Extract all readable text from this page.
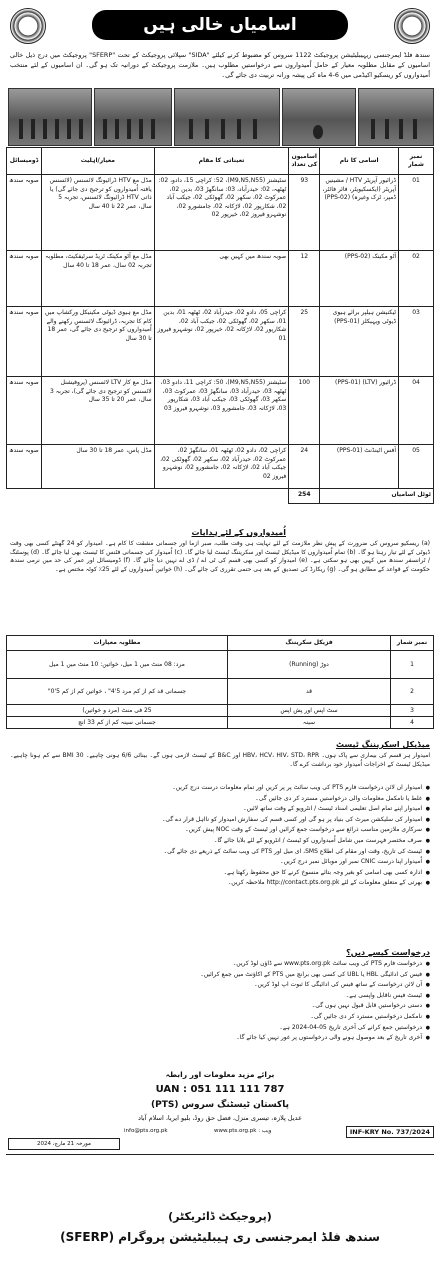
اسامیاں خالی ہیں
سندھ فلڈ ایمرجنسی ریہیبلیٹیشن پروجیکٹ 1122 سروس کو مضبوط کرنے کیلئے "SIDA" سپلائی پروجیکٹ کے تحت "SFERP" پروجیکٹ میں درج ذیل خالی اسامیوں کے مقابل مطلوبہ معیار کے حامل اُمیدواروں سے درخواستیں مطلوب ہیں۔ ملازمت پروجیکٹ کے دورانیہ تک ہو گی۔ ان اسامیوں کے لئے منتخب اُمیدواروں کو ریسکیو اکیڈمی میں 6-4 ماہ کی پیشہ ورانہ تربیت دی جائے گی۔
نمبر شمار	اسامی کا نام	اسامیوں کی تعداد	تعیناتی کا مقام	معیار/اہلیت	ڈومیسائل
01	ڈرائیور آپریٹر HTV / مشینیں آپریٹر (ایکسکیویٹر، فائر فائٹر، ڈمپر، ٹرک وغیرہ) (PPS-02)	93	سٹیشنز (M9,N5,N55)، 52: کراچی 15، دادو، 02: ٹھٹھہ، 02: حیدرآباد، 03: سانگھڑ 03، بدین 02، عمرکوٹ 02، سکھر 02، گھوٹکی 02، جیکب آباد 02، شکارپور 02، لاڑکانہ 02، جامشورو 02، نوشہرو فیروز 02، خیرپور 02	مڈل مع HTV ڈرائیونگ لائسنس (لائسنس یافتہ اُمیدواروں کو ترجیح دی جائے گی) یا ذاتی HTV ڈرائیونگ لائسنس، تجربہ 5 سال، عمر 22 تا 40 سال	صوبہ سندھ
02	آٹو مکینک (PPS-02)	12	صوبہ سندھ میں کہیں بھی	مڈل مع آٹو مکینک ٹریڈ سرٹیفکیٹ، مطلوبہ تجربہ 02 سال، عمر 18 تا 40 سال	صوبہ سندھ
03	ٹیکنیشن ہیلپر برائے ہیوی ڈیوٹی ویہیکلز (PPS-01)	25	کراچی 05، دادو 02، حیدرآباد 02، ٹھٹھہ 01، بدین 01، سکھر 02، گھوٹکی 02، جیکب آباد 02، شکارپور 02، لاڑکانہ 02، خیرپور 02، نوشہرو فیروز 01	مڈل مع ہیوی ڈیوٹی مکینیکل ورکشاپ میں کام کا تجربہ، ڈرائیونگ لائسنس رکھنے والے اُمیدواروں کو ترجیح دی جائے گی، عمر 18 تا 30 سال	صوبہ سندھ
04	ڈرائیور (LTV) (PPS-01)	100	سٹیشنز (M9,N5,N55)، 50: کراچی 11، دادو 03، ٹھٹھہ 03، حیدرآباد 03، سانگھڑ 03، عمرکوٹ 03، سکھر 03، گھوٹکی 03، جیکب آباد 03، شکارپور 03، لاڑکانہ 03، جامشورو 03، نوشہرو فیروز 03	مڈل مع کار LTV لائسنس (پروفیشنل لائسنس کو ترجیح دی جائے گی)، تجربہ 3 سال، عمر 20 تا 35 سال	صوبہ سندھ
05	آفس اٹینڈنٹ (PPS-01)	24	کراچی 02، دادو 02، ٹھٹھہ 01، سانگھڑ 02، عمرکوٹ 02، حیدرآباد 02، سکھر 02، گھوٹکی 02، جیکب آباد 02، لاڑکانہ 02، جامشورو 02، نوشہرو فیروز 02	مڈل پاس، عمر 18 تا 30 سال	صوبہ سندھ
ٹوٹل اسامیاں		254			
اُمیدواروں کے لئے ہدایات
(a) ریسکیو سروس کی ضرورت کے پیش نظر ملازمت کے لئے نہایت ہی وقت طلب، صبر آزما اور جسمانی مشقت کا کام ہے۔ اُمیدوار کو 24 گھنٹے کسی بھی وقت ڈیوٹی کے لئے تیار رہنا ہو گا۔ (b) تمام اُمیدواروں کا میڈیکل ٹیسٹ اور سکریننگ ٹیسٹ لیا جائے گا۔ (c) اُمیدوار کی جسمانی فٹنس کا ٹیسٹ بھی لیا جائے گا۔ (d) پوسٹنگ / ٹرانسفر سندھ میں کہیں بھی ہو سکتی ہے۔ (e) امیدوار کو کسی بھی قسم کی ٹی اے / ڈی اے نہیں دیا جائے گا۔ (f) ڈومیسائل اور عمر کی حد میں نرمی سندھ حکومت کے قواعد کے مطابق ہو گی۔ (g) ریکارڈ کی تصدیق کے بعد ہی حتمی تقرری کی جائے گی۔ (h) خواتین اُمیدواروں کے لئے 25٪ کوٹہ مختص ہے۔
نمبر شمار	فزیکل سکریننگ	مطلوبہ معیارات
1	دوڑ (Running)	مرد: 08 منٹ میں 1 میل، خواتین: 10 منٹ میں 1 میل
2	قد	جسمانی قد کم از کم مرد 5'4" ، خواتین کم از کم 5'0"
3	سٹ اپس اور پش اپس	25 فی منٹ (مرد و خواتین)
4	سینہ	جسمانی سینہ کم از کم 33 انچ
میڈیکل اسکریننگ ٹیسٹ
اُمیدوار ہر قسم کی بیماری سے پاک ہوں۔ HBV، HCV، HIV، STD، RPR اور B&C کے ٹیسٹ لازمی ہوں گے۔ بینائی 6/6 ہونی چاہیے۔ BMI 30 سے کم ہونا چاہیے۔ میڈیکل ٹیسٹ کے اخراجات اُمیدوار خود برداشت کرے گا۔
● امیدوار آن لائن درخواست فارم PTS کی ویب سائٹ پر پر کریں اور تمام معلومات درست درج کریں۔
● غلط یا نامکمل معلومات والی درخواستیں مسترد کر دی جائیں گی۔
● امیدوار اپنے تمام اصل تعلیمی اسناد ٹیسٹ / انٹرویو کے وقت ساتھ لائیں۔
● امیدوار کی سلیکشن میرٹ کی بنیاد پر ہو گی اور کسی قسم کی سفارش امیدوار کو نااہل قرار دے گی۔
● سرکاری ملازمین مناسب ذرائع سے درخواست جمع کرائیں اور ٹیسٹ کے وقت NOC پیش کریں۔
● صرف مختصر فہرست میں شامل اُمیدواروں کو ٹیسٹ / انٹرویو کے لئے بلایا جائے گا۔
● ٹیسٹ کی تاریخ، وقت اور مقام کی اطلاع SMS، ای میل اور PTS کی ویب سائٹ کے ذریعے دی جائے گی۔
● اُمیدوار اپنا درست CNIC نمبر اور موبائل نمبر درج کریں۔
● ادارہ کسی بھی اسامی کو بغیر وجہ بتائے منسوخ کرنے کا حق محفوظ رکھتا ہے۔
● بھرتی کے متعلق معلومات کے لئے http://contact.pts.org.pk ملاحظہ کریں۔
درخواست کیسے دیں؟
● درخواست فارم PTS کی ویب سائٹ www.pts.org.pk سے ڈاؤن لوڈ کریں۔
● فیس کی ادائیگی HBL یا UBL کی کسی بھی برانچ میں PTS کے اکاؤنٹ میں جمع کرائیں۔
● آن لائن درخواست کے ساتھ فیس کی ادائیگی کا ثبوت اپ لوڈ کریں۔
● ٹیسٹ فیس ناقابل واپسی ہے۔
● دستی درخواستیں قابل قبول نہیں ہوں گی۔
● نامکمل درخواستیں مسترد کر دی جائیں گی۔
● درخواستیں جمع کرانے کی آخری تاریخ 05-04-2024 ہے۔
● آخری تاریخ کے بعد موصول ہونے والی درخواستوں پر غور نہیں کیا جائے گا۔
برائے مزید معلومات اور رابطہ
UAN : 051 111 111 787
پاکستان ٹیسٹنگ سروس (PTS)
عدیل پلازہ، تیسری منزل، فضل حق روڈ، بلیو ایریا، اسلام آباد
info@pts.org.pk	ویب : www.pts.org.pk	INF-KRY No. 737/2024
مورخہ 21 مارچ، 2024
(پروجیکٹ ڈائریکٹر)
سندھ فلڈ ایمرجنسی ری ہیبلیٹیشن پروگرام (SFERP)
